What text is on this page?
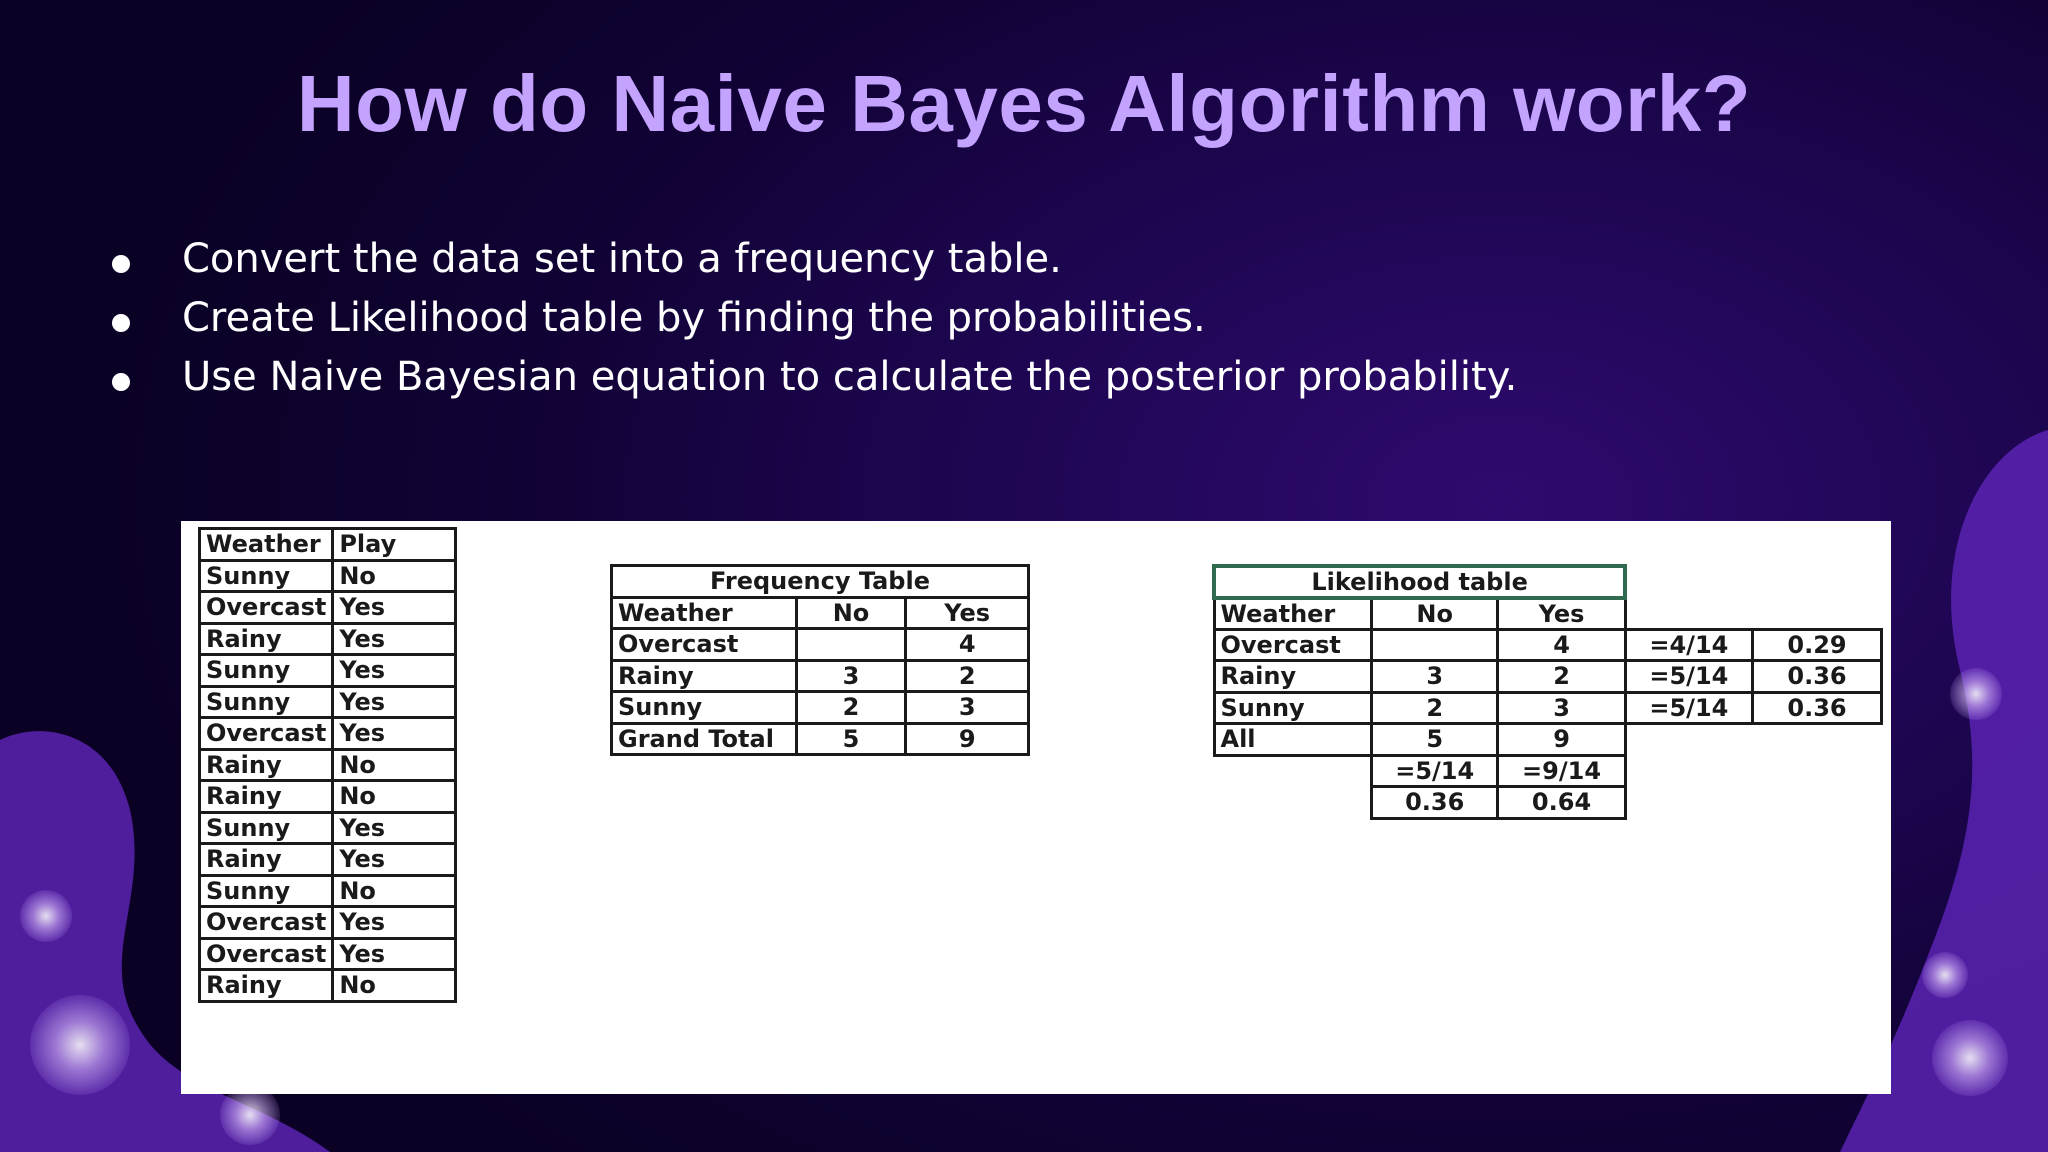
How do Naive Bayes Algorithm work?
Convert the data set into a frequency table.
Create Likelihood table by finding the probabilities.
Use Naive Bayesian equation to calculate the posterior probability.
Weather	Play
Sunny	No
Overcast	Yes
Rainy	Yes
Sunny	Yes
Sunny	Yes
Overcast	Yes
Rainy	No
Rainy	No
Sunny	Yes
Rainy	Yes
Sunny	No
Overcast	Yes
Overcast	Yes
Rainy	No
Frequency Table		
Weather	No	Yes
Overcast		4
Rainy	3	2
Sunny	2	3
Grand Total	5	9
Likelihood table				
Weather	No	Yes		
Overcast		4	=4/14	0.29
Rainy	3	2	=5/14	0.36
Sunny	2	3	=5/14	0.36
All	5	9		
	=5/14	=9/14		
	0.36	0.64		
